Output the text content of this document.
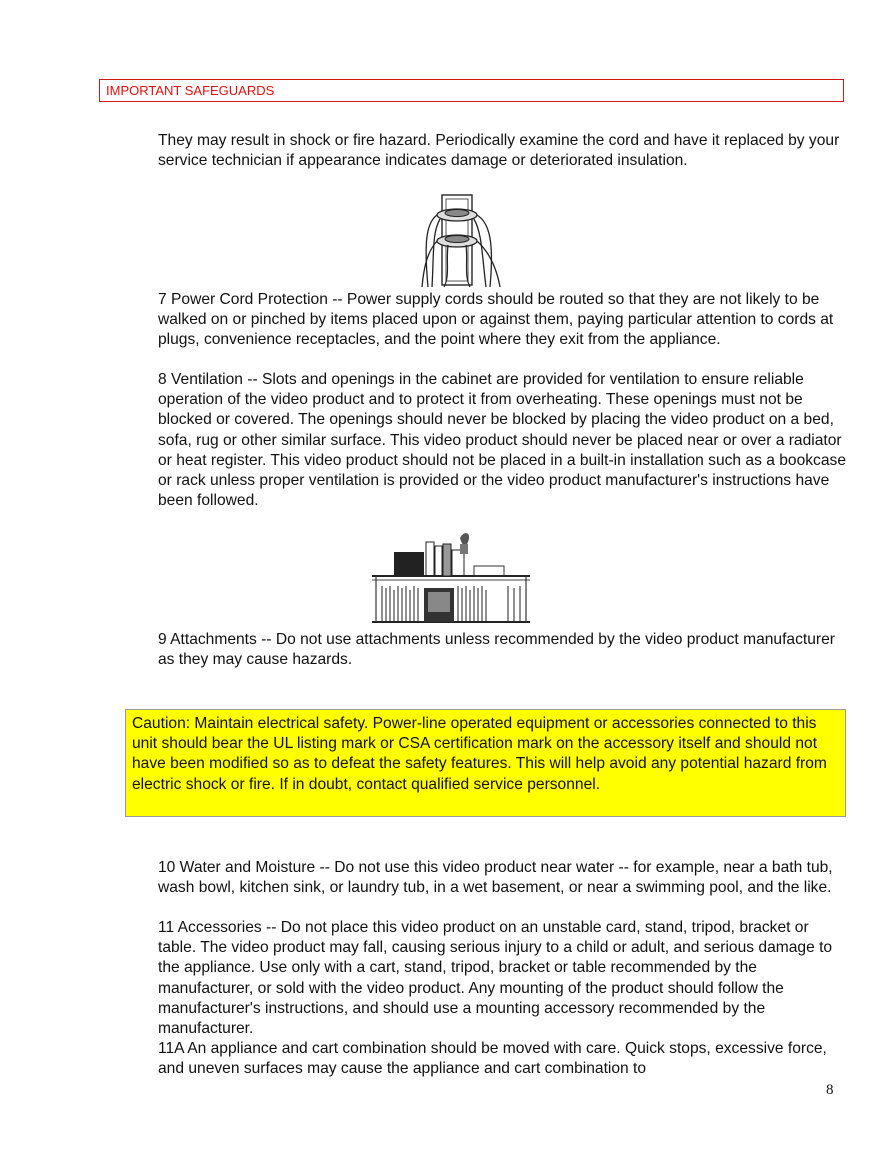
IMPORTANT SAFEGUARDS

They may result in shock or fire hazard. Periodically examine the cord and have it replaced by your service technician if appearance indicates damage or deteriorated insulation.

7 Power Cord Protection -- Power supply cords should be routed so that they are not likely to be walked on or pinched by items placed upon or against them, paying particular attention to cords at plugs, convenience receptacles, and the point where they exit from the appliance.

8 Ventilation -- Slots and openings in the cabinet are provided for ventilation to ensure reliable operation of the video product and to protect it from overheating. These openings must not be blocked or covered. The openings should never be blocked by placing the video product on a bed, sofa, rug or other similar surface. This video product should never be placed near or over a radiator or heat register. This video product should not be placed in a built-in installation such as a bookcase or rack unless proper ventilation is provided or the video product manufacturer's instructions have been followed.

9 Attachments -- Do not use attachments unless recommended by the video product manufacturer as they may cause hazards.

Caution: Maintain electrical safety. Power-line operated equipment or accessories connected to this unit should bear the UL listing mark or CSA certification mark on the accessory itself and should not have been modified so as to defeat the safety features. This will help avoid any potential hazard from electric shock or fire. If in doubt, contact qualified service personnel.

10 Water and Moisture -- Do not use this video product near water -- for example, near a bath tub, wash bowl, kitchen sink, or laundry tub, in a wet basement, or near a swimming pool, and the like.

11 Accessories -- Do not place this video product on an unstable card, stand, tripod, bracket or table. The video product may fall, causing serious injury to a child or adult, and serious damage to the appliance. Use only with a cart, stand, tripod, bracket or table recommended by the manufacturer, or sold with the video product. Any mounting of the product should follow the manufacturer's instructions, and should use a mounting accessory recommended by the manufacturer.

11A An appliance and cart combination should be moved with care. Quick stops, excessive force, and uneven surfaces may cause the appliance and cart combination to

8
